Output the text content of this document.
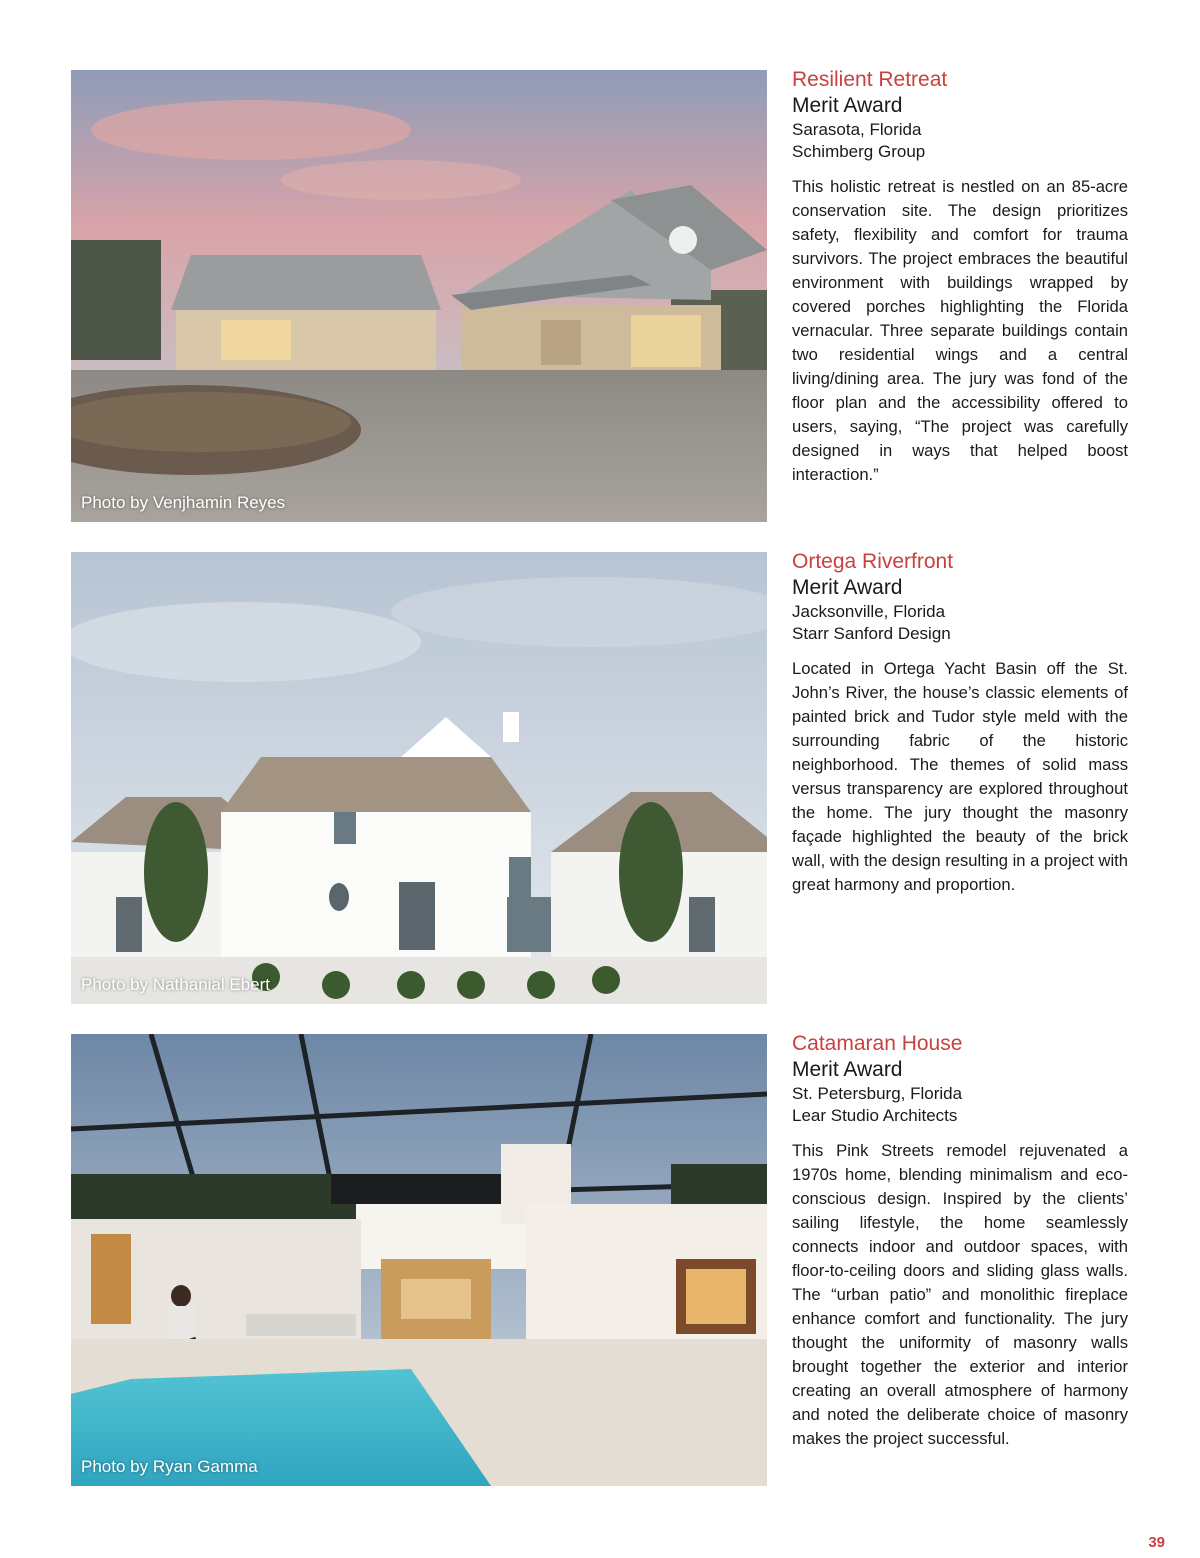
Photo by Venjhamin Reyes

Resilient Retreat

Merit Award

Sarasota, Florida

Schimberg Group

This holistic retreat is nestled on an 85-acre conservation site. The design prioritizes safety, flexibility and comfort for trauma survivors. The project embraces the beautiful environment with buildings wrapped by covered porches highlighting the Florida vernacular. Three separate buildings contain two residential wings and a central living/dining area. The jury was fond of the floor plan and the accessibility offered to users, saying, “The project was carefully designed in ways that helped boost interaction.”

Photo by Nathanial Ebert

Ortega Riverfront

Merit Award

Jacksonville, Florida

Starr Sanford Design

Located in Ortega Yacht Basin off the St. John’s River, the house’s classic elements of painted brick and Tudor style meld with the surrounding fabric of the historic neighborhood. The themes of solid mass versus transparency are explored throughout the home. The jury thought the masonry façade highlighted the beauty of the brick wall, with the design resulting in a project with great harmony and proportion.

Photo by Ryan Gamma

Catamaran House

Merit Award

St. Petersburg, Florida

Lear Studio Architects

This Pink Streets remodel rejuvenated a 1970s home, blending minimalism and eco-conscious design. Inspired by the clients’ sailing lifestyle, the home seamlessly connects indoor and outdoor spaces, with floor-to-ceiling doors and sliding glass walls. The “urban patio” and monolithic fireplace enhance comfort and functionality. The jury thought the uniformity of masonry walls brought together the exterior and interior creating an overall atmosphere of harmony and noted the deliberate choice of masonry makes the project successful.

39
